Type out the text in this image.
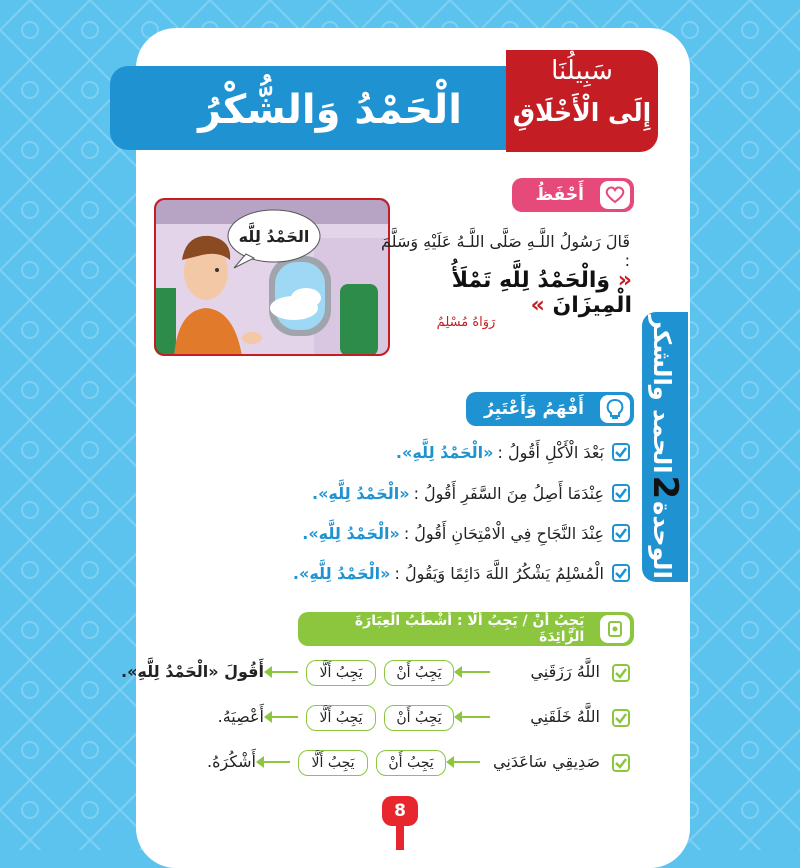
الْحَمْدُ وَالشُّكْرُ
سَبِيلُنَا
إِلَى الْأَخْلَاقِ
الوحدة2الحمد والشكر
أَحْفَظُ
الحَمْدُ لِلَّه	قَالَ رَسُولُ اللَّـهِ صَلَّى اللَّـهُ عَلَيْهِ وَسَلَّمَ :
« وَالْحَمْدُ لِلَّهِ تَمْلَأُ الْمِيزَانَ »
رَوَاهُ مُسْلِمٌ
أَفْهَمُ وَأَعْتَبِرُ
بَعْدَ الْأَكْلِ أَقُولُ :
«الْحَمْدُ لِلَّهِ».
عِنْدَمَا أَصِلُ مِنَ السَّفَرِ أَقُولُ :
«الْحَمْدُ لِلَّهِ».
عِنْدَ النَّجَاحِ فِي الْامْتِحَانِ أَقُولُ :
«الْحَمْدُ لِلَّهِ».
الْمُسْلِمُ يَشْكُرُ اللَّهَ دَائِمًا وَيَقُولُ :
«الْحَمْدُ لِلَّهِ».
يَجِبُ أَنْ / يَجِبُ أَلَّا : أَشْطُبُ الْعِبَارَةَ الزَّائِدَةَ
اللَّهُ رَزَقَنِي
يَجِبُ أَنْ
يَجِبُ أَلَّا
أَقُولَ «الْحَمْدُ لِلَّهِ».
اللَّهُ خَلَقَنِي
يَجِبُ أَنْ
يَجِبُ أَلَّا
أَعْصِيَهُ.
صَدِيقِي سَاعَدَنِي
يَجِبُ أَنْ
يَجِبُ أَلَّا
أَشْكُرَهُ.
8
